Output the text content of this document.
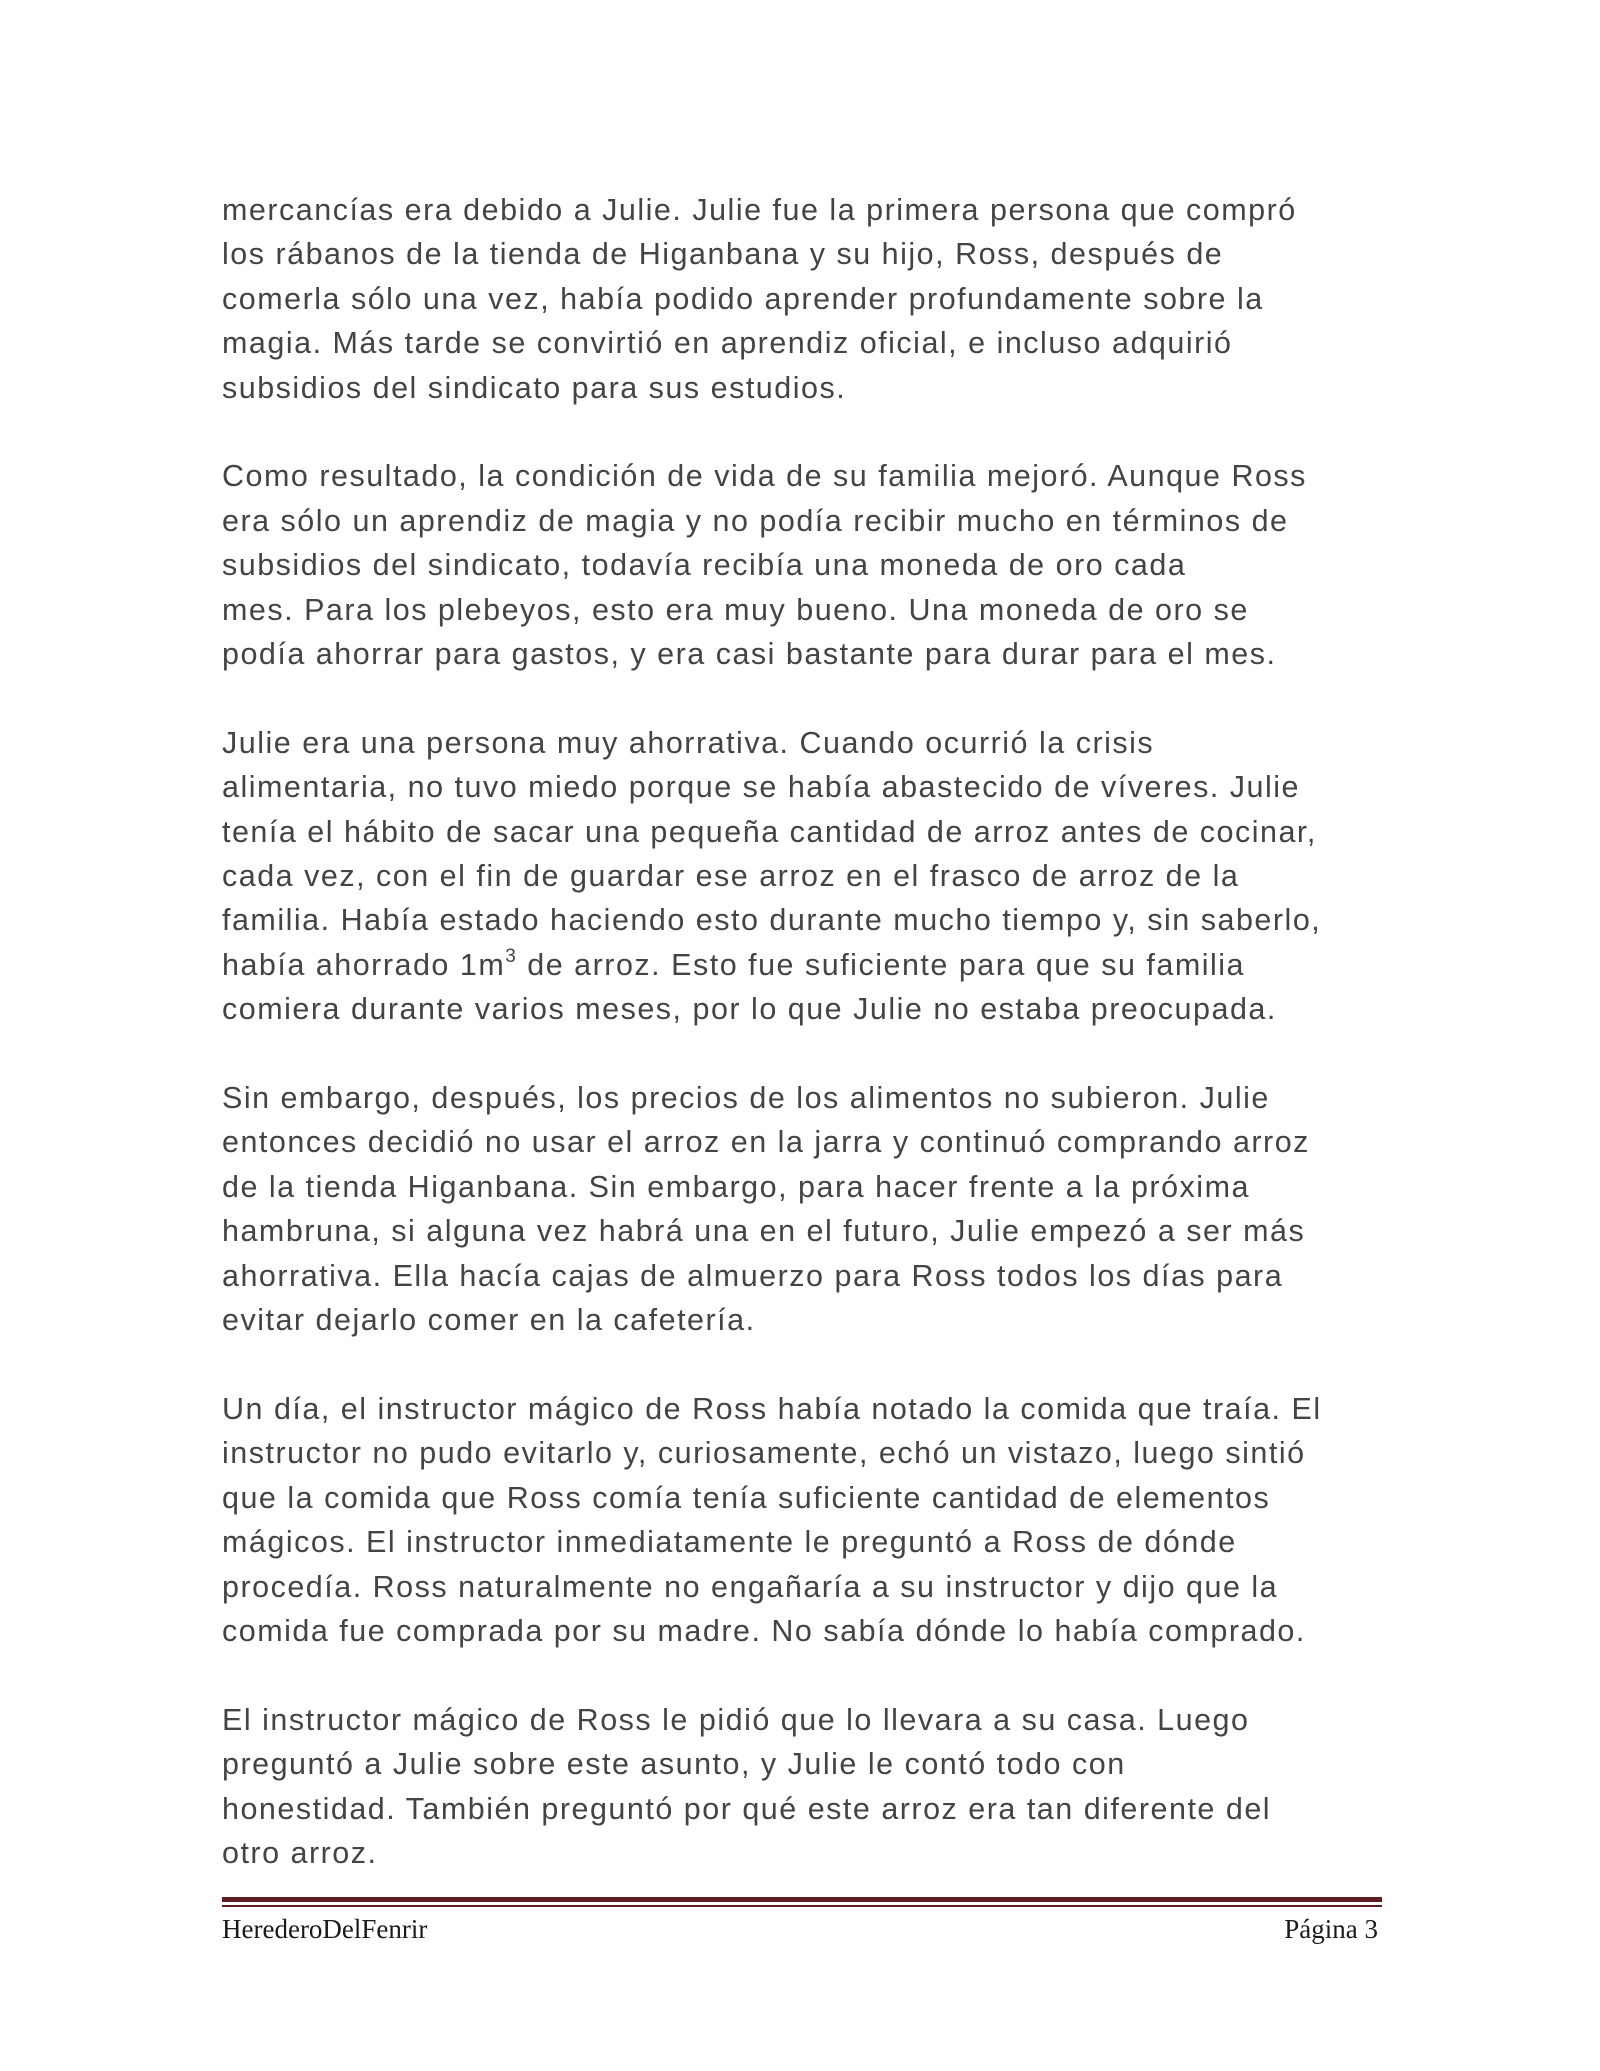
mercancías era debido a Julie. Julie fue la primera persona que compró
los rábanos de la tienda de Higanbana y su hijo, Ross, después de
comerla sólo una vez, había podido aprender profundamente sobre la
magia. Más tarde se convirtió en aprendiz oficial, e incluso adquirió
subsidios del sindicato para sus estudios.

Como resultado, la condición de vida de su familia mejoró. Aunque Ross
era sólo un aprendiz de magia y no podía recibir mucho en términos de
subsidios del sindicato, todavía recibía una moneda de oro cada
mes. Para los plebeyos, esto era muy bueno. Una moneda de oro se
podía ahorrar para gastos, y era casi bastante para durar para el mes.

Julie era una persona muy ahorrativa. Cuando ocurrió la crisis
alimentaria, no tuvo miedo porque se había abastecido de víveres. Julie
tenía el hábito de sacar una pequeña cantidad de arroz antes de cocinar,
cada vez, con el fin de guardar ese arroz en el frasco de arroz de la
familia. Había estado haciendo esto durante mucho tiempo y, sin saberlo,
había ahorrado $1m^3$ de arroz. Esto fue suficiente para que su familia
comiera durante varios meses, por lo que Julie no estaba preocupada.

Sin embargo, después, los precios de los alimentos no subieron. Julie
entonces decidió no usar el arroz en la jarra y continuó comprando arroz
de la tienda Higanbana. Sin embargo, para hacer frente a la próxima
hambruna, si alguna vez habrá una en el futuro, Julie empezó a ser más
ahorrativa. Ella hacía cajas de almuerzo para Ross todos los días para
evitar dejarlo comer en la cafetería.

Un día, el instructor mágico de Ross había notado la comida que traía. El
instructor no pudo evitarlo y, curiosamente, echó un vistazo, luego sintió
que la comida que Ross comía tenía suficiente cantidad de elementos
mágicos. El instructor inmediatamente le preguntó a Ross de dónde
procedía. Ross naturalmente no engañaría a su instructor y dijo que la
comida fue comprada por su madre. No sabía dónde lo había comprado.

El instructor mágico de Ross le pidió que lo llevara a su casa. Luego
preguntó a Julie sobre este asunto, y Julie le contó todo con
honestidad. También preguntó por qué este arroz era tan diferente del
otro arroz.

HerederoDelFenrir	Página 3
